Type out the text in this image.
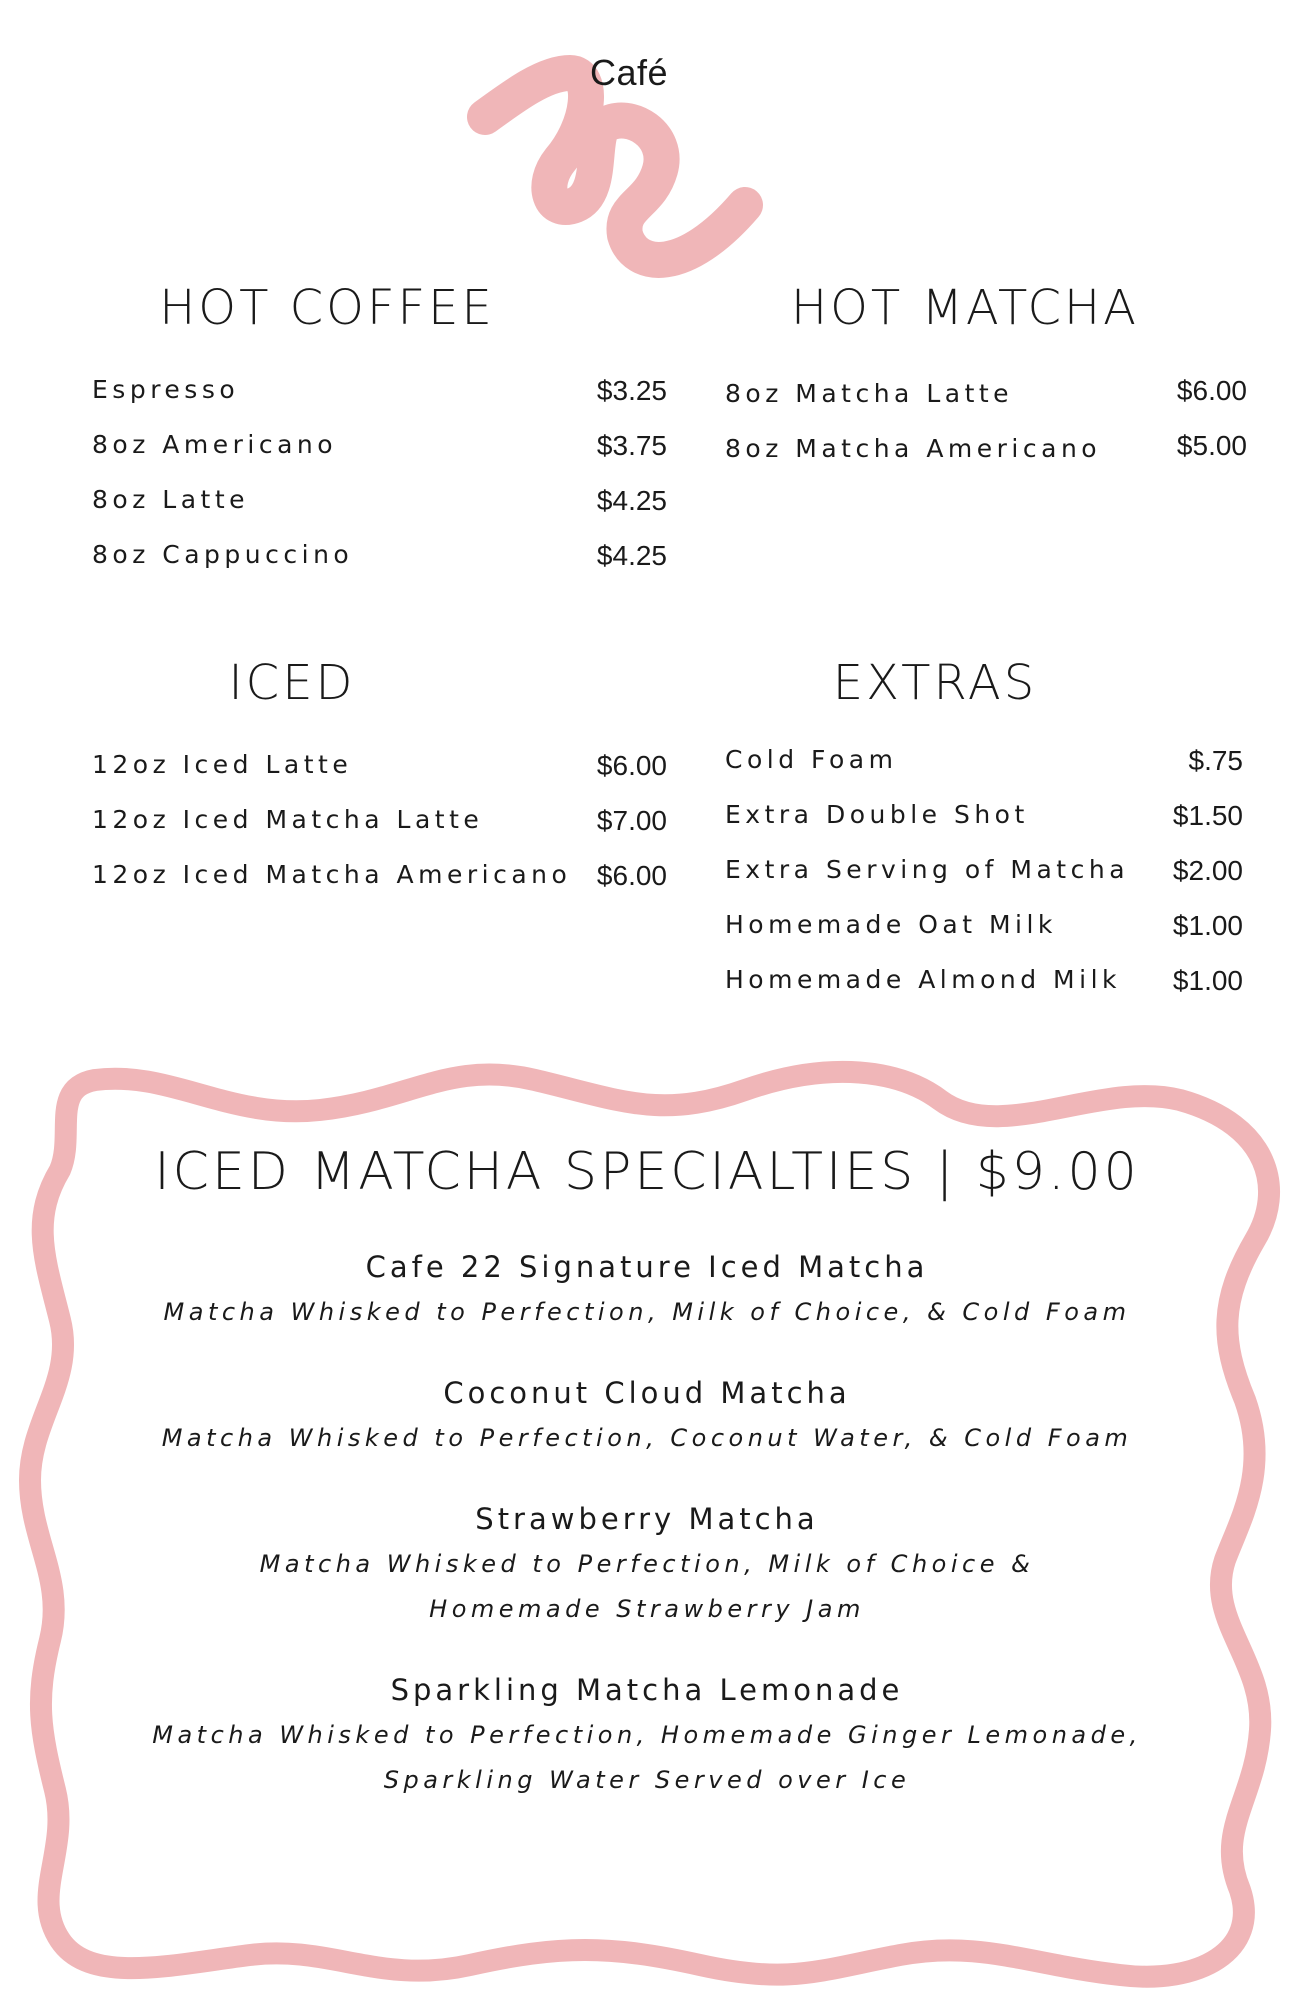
Café
HOT COFFEE
Espresso	$3.25
8oz Americano	$3.75
8oz Latte	$4.25
8oz Cappuccino	$4.25
HOT MATCHA
8oz Matcha Latte	$6.00
8oz Matcha Americano	$5.00
ICED
12oz Iced Latte	$6.00
12oz Iced Matcha Latte	$7.00
12oz Iced Matcha Americano $6.00
EXTRAS
Cold Foam	$.75
Extra Double Shot	$1.50
Extra Serving of Matcha $2.00
Homemade Oat Milk	$1.00
Homemade Almond Milk $1.00
ICED MATCHA SPECIALTIES | $9.00
Cafe 22 Signature Iced Matcha
Matcha Whisked to Perfection, Milk of Choice, & Cold Foam
Coconut Cloud Matcha
Matcha Whisked to Perfection, Coconut Water, & Cold Foam
Strawberry Matcha
Matcha Whisked to Perfection, Milk of Choice & Homemade Strawberry Jam
Sparkling Matcha Lemonade
Matcha Whisked to Perfection, Homemade Ginger Lemonade, Sparkling Water Served over Ice
